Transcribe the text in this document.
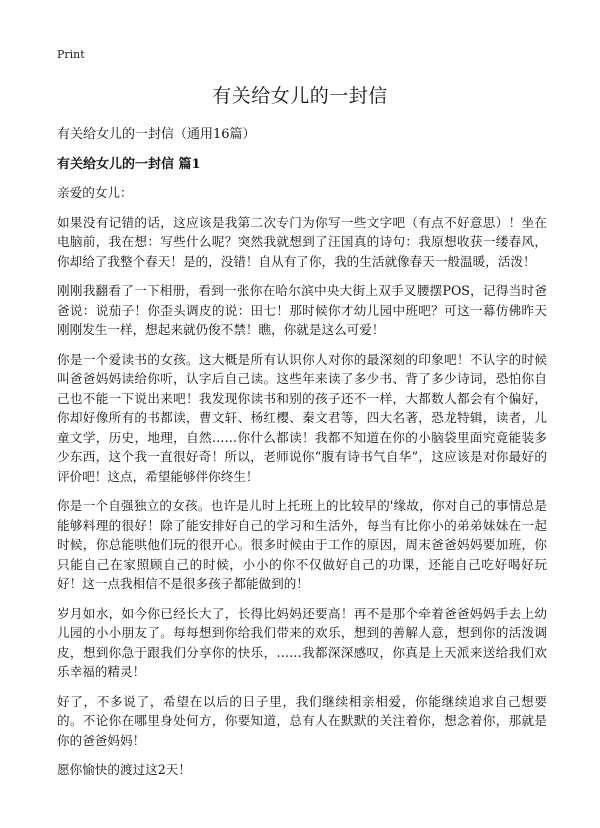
Print
有关给女儿的一封信

有关给女儿的一封信（通用16篇）

有关给女儿的一封信 篇1

亲爱的女儿：

如果没有记错的话，这应该是我第二次专门为你写一些文字吧（有点不好意思）！坐在电脑前，我在想：写些什么呢？突然我就想到了汪国真的诗句：我原想收获一缕春风，你却给了我整个春天！是的，没错！自从有了你，我的生活就像春天一般温暖，活泼！

刚刚我翻看了一下相册，看到一张你在哈尔滨中央大街上双手叉腰摆POS，记得当时爸爸说：说茄子！你歪头调皮的说：田七！那时候你才幼儿园中班吧？可这一幕仿佛昨天刚刚发生一样，想起来就仍俊不禁！瞧，你就是这么可爱！

你是一个爱读书的女孩。这大概是所有认识你人对你的最深刻的印象吧！不认字的时候叫爸爸妈妈读给你听，认字后自己读。这些年来读了多少书、背了多少诗词，恐怕你自己也不能一下说出来吧！我发现你读书和别的孩子还不一样，大都数人都会有个偏好，你却好像所有的书都读，曹文轩、杨红樱、秦文君等，四大名著，恐龙特辑，读者，儿童文学，历史，地理，自然……你什么都读！我都不知道在你的小脑袋里面究竟能装多少东西，这个我一直很好奇！所以，老师说你“腹有诗书气自华”，这应该是对你最好的评价吧！这点，希望能够伴你终生！

你是一个自强独立的女孩。也许是儿时上托班上的比较早的'缘故，你对自己的事情总是能够料理的很好！除了能安排好自己的学习和生活外，每当有比你小的弟弟妹妹在一起时候，你总能哄他们玩的很开心。很多时候由于工作的原因，周末爸爸妈妈要加班，你只能自己在家照顾自己的时候，小小的你不仅做好自己的功课，还能自己吃好喝好玩好！这一点我相信不是很多孩子都能做到的！

岁月如水，如今你已经长大了，长得比妈妈还要高！再不是那个牵着爸爸妈妈手去上幼儿园的小小朋友了。每每想到你给我们带来的欢乐，想到的善解人意，想到你的活泼调皮，想到你急于跟我们分享你的快乐，……我都深深感叹，你真是上天派来送给我们欢乐幸福的精灵！

好了，不多说了，希望在以后的日子里，我们继续相亲相爱，你能继续追求自己想要的。不论你在哪里身处何方，你要知道，总有人在默默的关注着你，想念着你，那就是你的爸爸妈妈！

愿你愉快的渡过这2天！
